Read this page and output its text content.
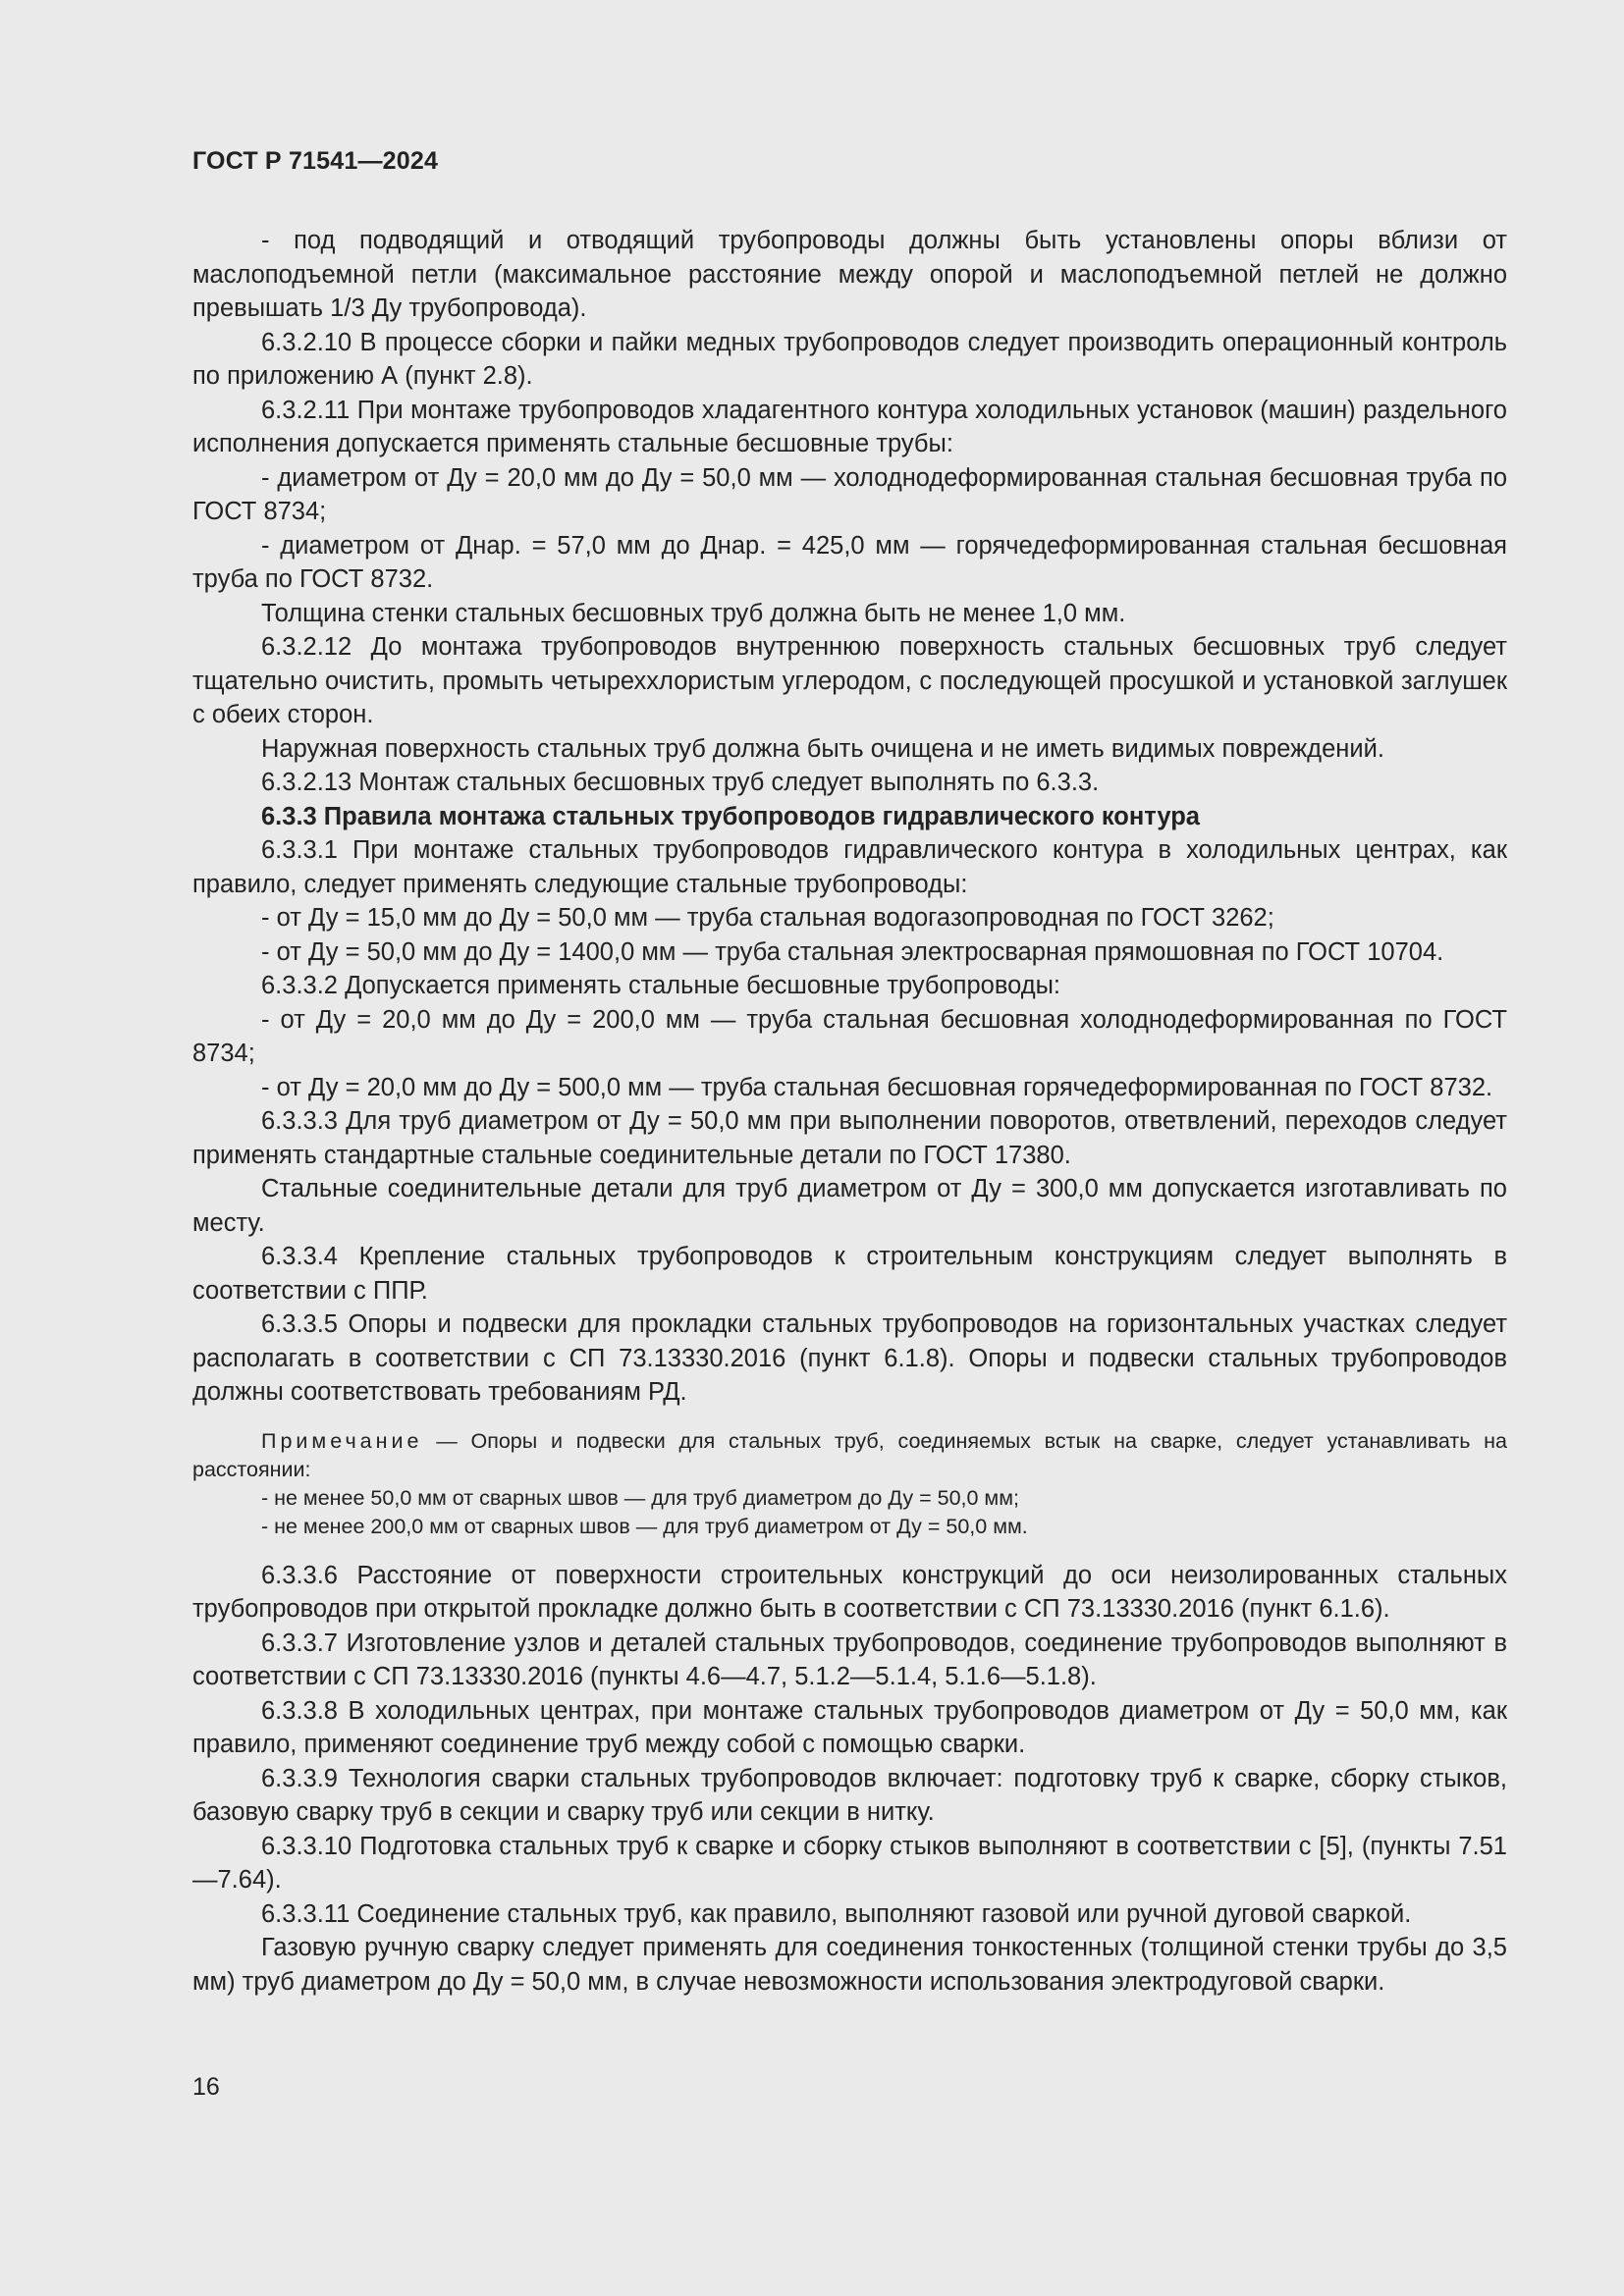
ГОСТ Р 71541—2024

- под подводящий и отводящий трубопроводы должны быть установлены опоры вблизи от маслоподъемной петли (максимальное расстояние между опорой и маслоподъемной петлей не должно превышать 1/3 Ду трубопровода).

6.3.2.10 В процессе сборки и пайки медных трубопроводов следует производить операционный контроль по приложению А (пункт 2.8).

6.3.2.11 При монтаже трубопроводов хладагентного контура холодильных установок (машин) раздельного исполнения допускается применять стальные бесшовные трубы:

- диаметром от Ду = 20,0 мм до Ду = 50,0 мм — холоднодеформированная стальная бесшовная труба по ГОСТ 8734;

- диаметром от Днар. = 57,0 мм до Днар. = 425,0 мм — горячедеформированная стальная бесшовная труба по ГОСТ 8732.

Толщина стенки стальных бесшовных труб должна быть не менее 1,0 мм.

6.3.2.12 До монтажа трубопроводов внутреннюю поверхность стальных бесшовных труб следует тщательно очистить, промыть четыреххлористым углеродом, с последующей просушкой и установкой заглушек с обеих сторон.

Наружная поверхность стальных труб должна быть очищена и не иметь видимых повреждений.

6.3.2.13 Монтаж стальных бесшовных труб следует выполнять по 6.3.3.

6.3.3 Правила монтажа стальных трубопроводов гидравлического контура

6.3.3.1 При монтаже стальных трубопроводов гидравлического контура в холодильных центрах, как правило, следует применять следующие стальные трубопроводы:

- от Ду = 15,0 мм до Ду = 50,0 мм — труба стальная водогазопроводная по ГОСТ 3262;

- от Ду = 50,0 мм до Ду = 1400,0 мм — труба стальная электросварная прямошовная по ГОСТ 10704.

6.3.3.2 Допускается применять стальные бесшовные трубопроводы:

- от Ду = 20,0 мм до Ду = 200,0 мм — труба стальная бесшовная холоднодеформированная по ГОСТ 8734;

- от Ду = 20,0 мм до Ду = 500,0 мм — труба стальная бесшовная горячедеформированная по ГОСТ 8732.

6.3.3.3 Для труб диаметром от Ду = 50,0 мм при выполнении поворотов, ответвлений, переходов следует применять стандартные стальные соединительные детали по ГОСТ 17380.

Стальные соединительные детали для труб диаметром от Ду = 300,0 мм допускается изготавливать по месту.

6.3.3.4 Крепление стальных трубопроводов к строительным конструкциям следует выполнять в соответствии с ППР.

6.3.3.5 Опоры и подвески для прокладки стальных трубопроводов на горизонтальных участках следует располагать в соответствии с СП 73.13330.2016 (пункт 6.1.8). Опоры и подвески стальных трубопроводов должны соответствовать требованиям РД.

Примечание — Опоры и подвески для стальных труб, соединяемых встык на сварке, следует устанавливать на расстоянии:

- не менее 50,0 мм от сварных швов — для труб диаметром до Ду = 50,0 мм;

- не менее 200,0 мм от сварных швов — для труб диаметром от Ду = 50,0 мм.

6.3.3.6 Расстояние от поверхности строительных конструкций до оси неизолированных стальных трубопроводов при открытой прокладке должно быть в соответствии с СП 73.13330.2016 (пункт 6.1.6).

6.3.3.7 Изготовление узлов и деталей стальных трубопроводов, соединение трубопроводов выполняют в соответствии с СП 73.13330.2016 (пункты 4.6—4.7, 5.1.2—5.1.4, 5.1.6—5.1.8).

6.3.3.8 В холодильных центрах, при монтаже стальных трубопроводов диаметром от Ду = 50,0 мм, как правило, применяют соединение труб между собой с помощью сварки.

6.3.3.9 Технология сварки стальных трубопроводов включает: подготовку труб к сварке, сборку стыков, базовую сварку труб в секции и сварку труб или секции в нитку.

6.3.3.10 Подготовка стальных труб к сварке и сборку стыков выполняют в соответствии с [5], (пункты 7.51—7.64).

6.3.3.11 Соединение стальных труб, как правило, выполняют газовой или ручной дуговой сваркой.

Газовую ручную сварку следует применять для соединения тонкостенных (толщиной стенки трубы до 3,5 мм) труб диаметром до Ду = 50,0 мм, в случае невозможности использования электродуговой сварки.

16
